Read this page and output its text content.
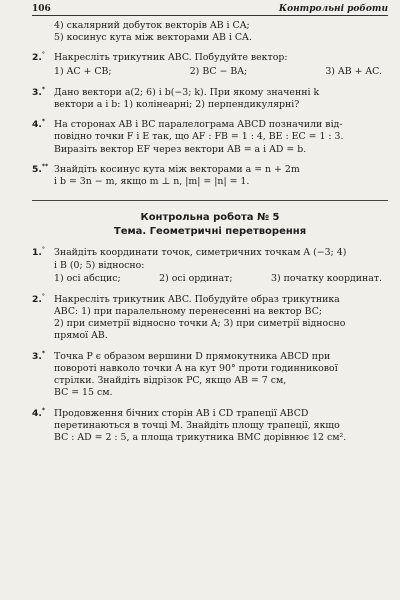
106	Контрольні роботи
4) скалярний добуток векторів AB і CA;
5) косинус кута між векторами AB і CA.
2.° Накресліть трикутник ABC. Побудуйте вектор:
1) AC + CB;	2) BC − BA;	3) AB + AC.
3.* Дано вектори a(2; 6) і b(−3; k). При якому значенні k
вектори a і b: 1) колінеарні; 2) перпендикулярні?
4.* На сторонах AB і BC паралелограма ABCD позначили від-
повідно точки F і E так, що AF : FB = 1 : 4, BE : EC = 1 : 3.
Виразіть вектор EF через вектори AB = a і AD = b.
5.** Знайдіть косинус кута між векторами a = n + 2m
і b = 3n − m, якщо m ⊥ n, |m| = |n| = 1.
Контрольна робота № 5
Тема. Геометричні перетворення
1.° Знайдіть координати точок, симетричних точкам A (−3; 4)
і B (0; 5) відносно:
1) осі абсцис;	2) осі ординат;	3) початку координат.
2.° Накресліть трикутник ABC. Побудуйте образ трикутника
ABC: 1) при паралельному перенесенні на вектор BC;
2) при симетрії відносно точки A; 3) при симетрії відносно
прямої AB.
3.* Точка P є образом вершини D прямокутника ABCD при
повороті навколо точки A на кут 90° проти годинникової
стрілки. Знайдіть відрізок PC, якщо AB = 7 см,
BC = 15 см.
4.* Продовження бічних сторін AB і CD трапеції ABCD
перетинаються в точці M. Знайдіть площу трапеції, якщо
BC : AD = 2 : 5, а площа трикутника BMC дорівнює 12 см².
